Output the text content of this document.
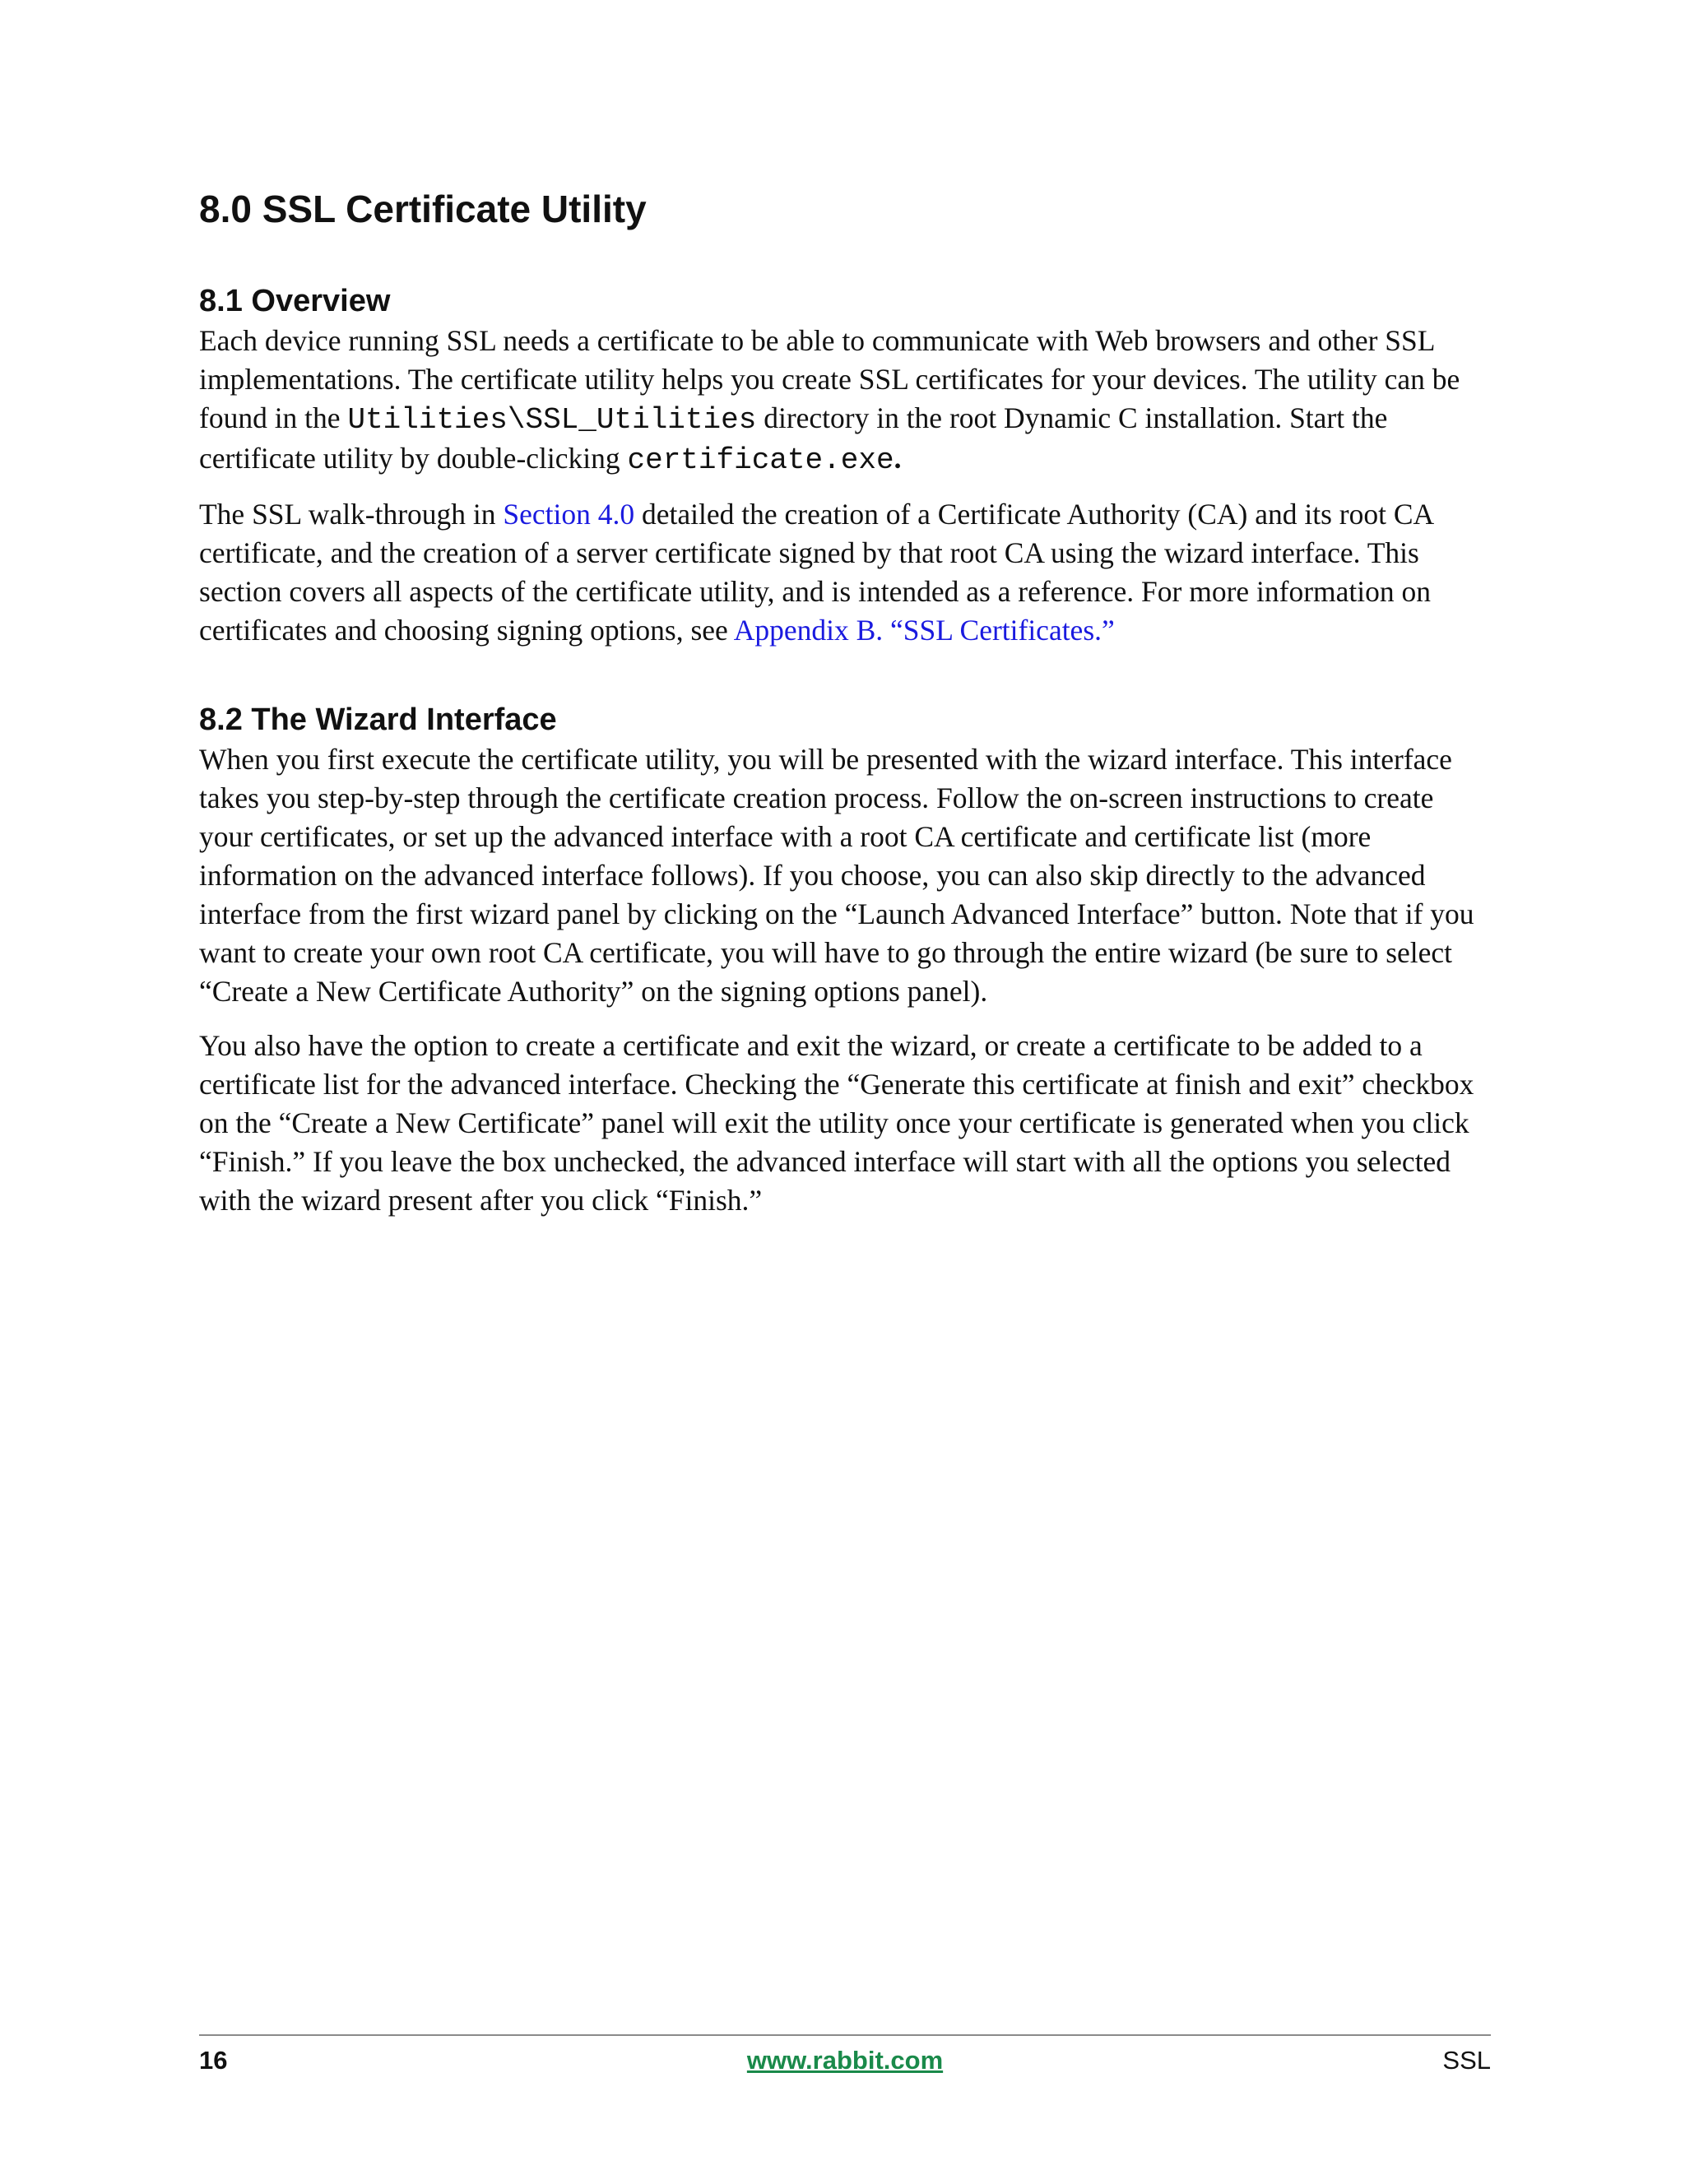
8.0 SSL Certificate Utility
8.1 Overview

Each device running SSL needs a certificate to be able to communicate with Web browsers and other SSL implementations. The certificate utility helps you create SSL certificates for your devices. The utility can be found in the Utilities\SSL_Utilities directory in the root Dynamic C installation. Start the certificate utility by double-clicking certificate.exe.

The SSL walk-through in Section 4.0 detailed the creation of a Certificate Authority (CA) and its root CA certificate, and the creation of a server certificate signed by that root CA using the wizard interface. This section covers all aspects of the certificate utility, and is intended as a reference. For more information on certificates and choosing signing options, see Appendix B. “SSL Certificates.”

8.2 The Wizard Interface

When you first execute the certificate utility, you will be presented with the wizard interface. This interface takes you step-by-step through the certificate creation process. Follow the on-screen instructions to create your certificates, or set up the advanced interface with a root CA certificate and certificate list (more information on the advanced interface follows). If you choose, you can also skip directly to the advanced interface from the first wizard panel by clicking on the “Launch Advanced Interface” button. Note that if you want to create your own root CA certificate, you will have to go through the entire wizard (be sure to select “Create a New Certificate Authority” on the signing options panel).

You also have the option to create a certificate and exit the wizard, or create a certificate to be added to a certificate list for the advanced interface. Checking the “Generate this certificate at finish and exit” checkbox on the “Create a New Certificate” panel will exit the utility once your certificate is generated when you click “Finish.” If you leave the box unchecked, the advanced interface will start with all the options you selected with the wizard present after you click “Finish.”

16	www.rabbit.com	SSL
